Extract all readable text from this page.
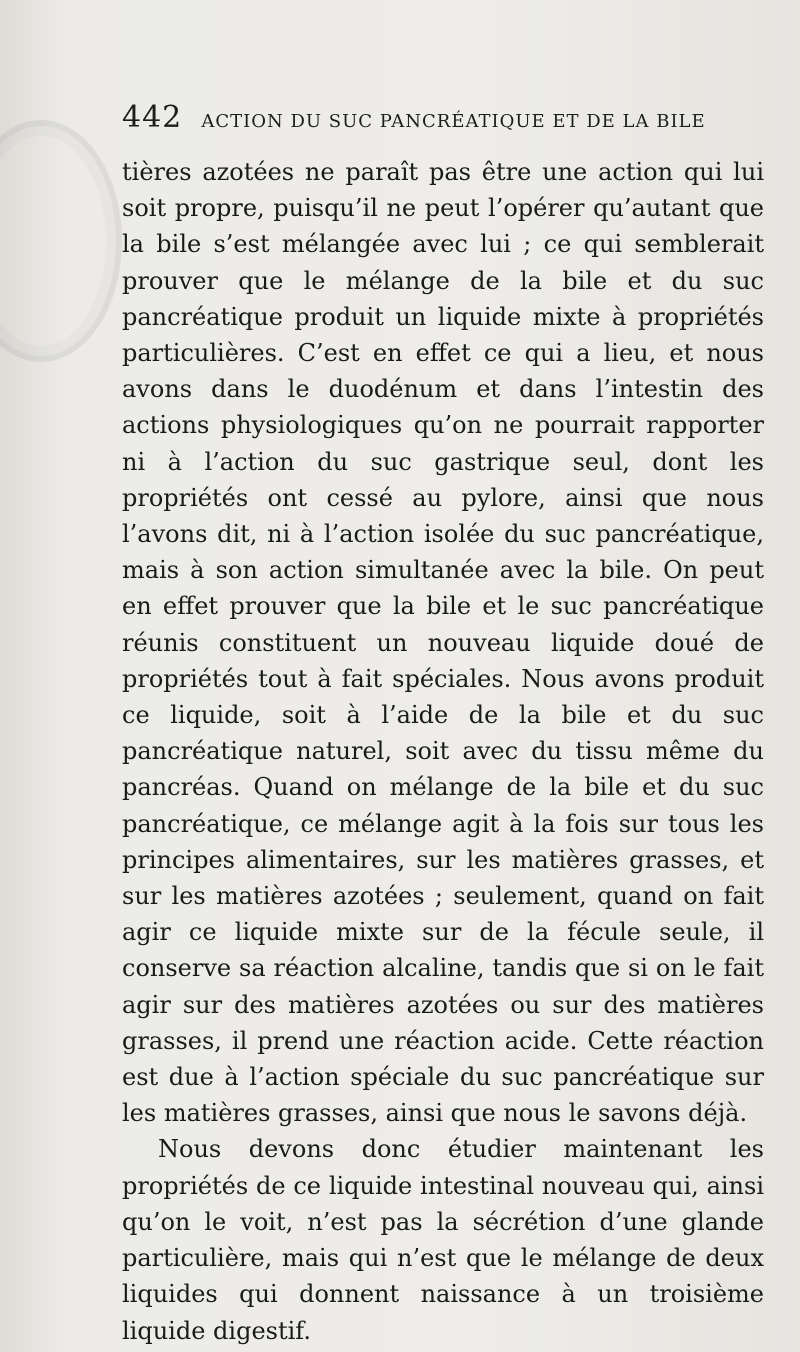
442 ACTION DU SUC PANCRÉATIQUE ET DE LA BILE

tières azotées ne paraît pas être une action qui lui soit propre, puisqu’il ne peut l’opérer qu’autant que la bile s’est mélangée avec lui ; ce qui semblerait prouver que le mélange de la bile et du suc pancréatique produit un liquide mixte à propriétés particulières. C’est en effet ce qui a lieu, et nous avons dans le duodénum et dans l’intestin des actions physiologiques qu’on ne pourrait rapporter ni à l’action du suc gastrique seul, dont les propriétés ont cessé au pylore, ainsi que nous l’avons dit, ni à l’action isolée du suc pancréatique, mais à son action simultanée avec la bile. On peut en effet prouver que la bile et le suc pancréatique réunis constituent un nouveau liquide doué de propriétés tout à fait spéciales. Nous avons produit ce liquide, soit à l’aide de la bile et du suc pancréatique naturel, soit avec du tissu même du pancréas. Quand on mélange de la bile et du suc pancréatique, ce mélange agit à la fois sur tous les principes alimentaires, sur les matières grasses, et sur les matières azotées ; seulement, quand on fait agir ce liquide mixte sur de la fécule seule, il conserve sa réaction alcaline, tandis que si on le fait agir sur des matières azotées ou sur des matières grasses, il prend une réaction acide. Cette réaction est due à l’action spéciale du suc pancréatique sur les matières grasses, ainsi que nous le savons déjà.

Nous devons donc étudier maintenant les propriétés de ce liquide intestinal nouveau qui, ainsi qu’on le voit, n’est pas la sécrétion d’une glande particulière, mais qui n’est que le mélange de deux liquides qui donnent naissance à un troisième liquide digestif.
